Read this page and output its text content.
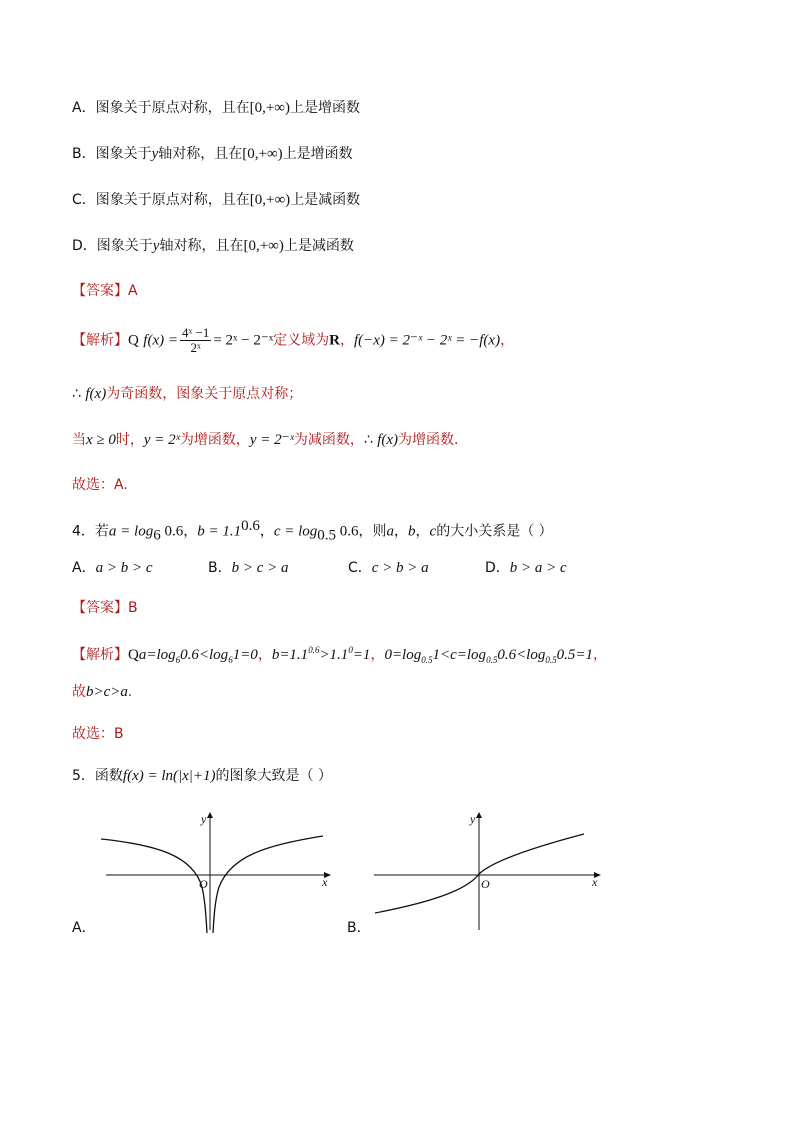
A．图象关于原点对称，且在[0,+∞)上是增函数
B．图象关于y轴对称，且在[0,+∞)上是增函数
C．图象关于原点对称，且在[0,+∞)上是减函数
D．图象关于y轴对称，且在[0,+∞)上是减函数
【答案】A
【解析】Q $f(x) = \frac{\text{4ˣ −1}}{\text{2ˣ}}$ = 2ˣ − 2⁻ˣ定义域为R，f(−x) = 2⁻ˣ − 2ˣ = −f(x)，
∴ f(x)为奇函数，图象关于原点对称；
当x ≥ 0时，y = 2ˣ为增函数，y = 2⁻ˣ为减函数，∴ f(x)为增函数.
故选：A.
4．若$a = \log_6 0.6$，$b = 1.1^{0.6}$，$c = \log_{0.5} 0.6$，则a，b，c的大小关系是（ ）
A．a > b > c	B．b > c > a	C．c > b > a	D．b > a > c
【答案】B
【解析】$Qa=\log_60.6<\log_61=0$，$b=1.1^{0.6}>1.1^0=1$，$0=\log_{0.5}1<c=\log_{0.5}0.6<\log_{0.5}0.5=1$，
故b>c>a.
故选：B
5．函数f(x) = ln(|x|+1)的图象大致是（ ）
y
x
O
A．
y
x
O
B．
